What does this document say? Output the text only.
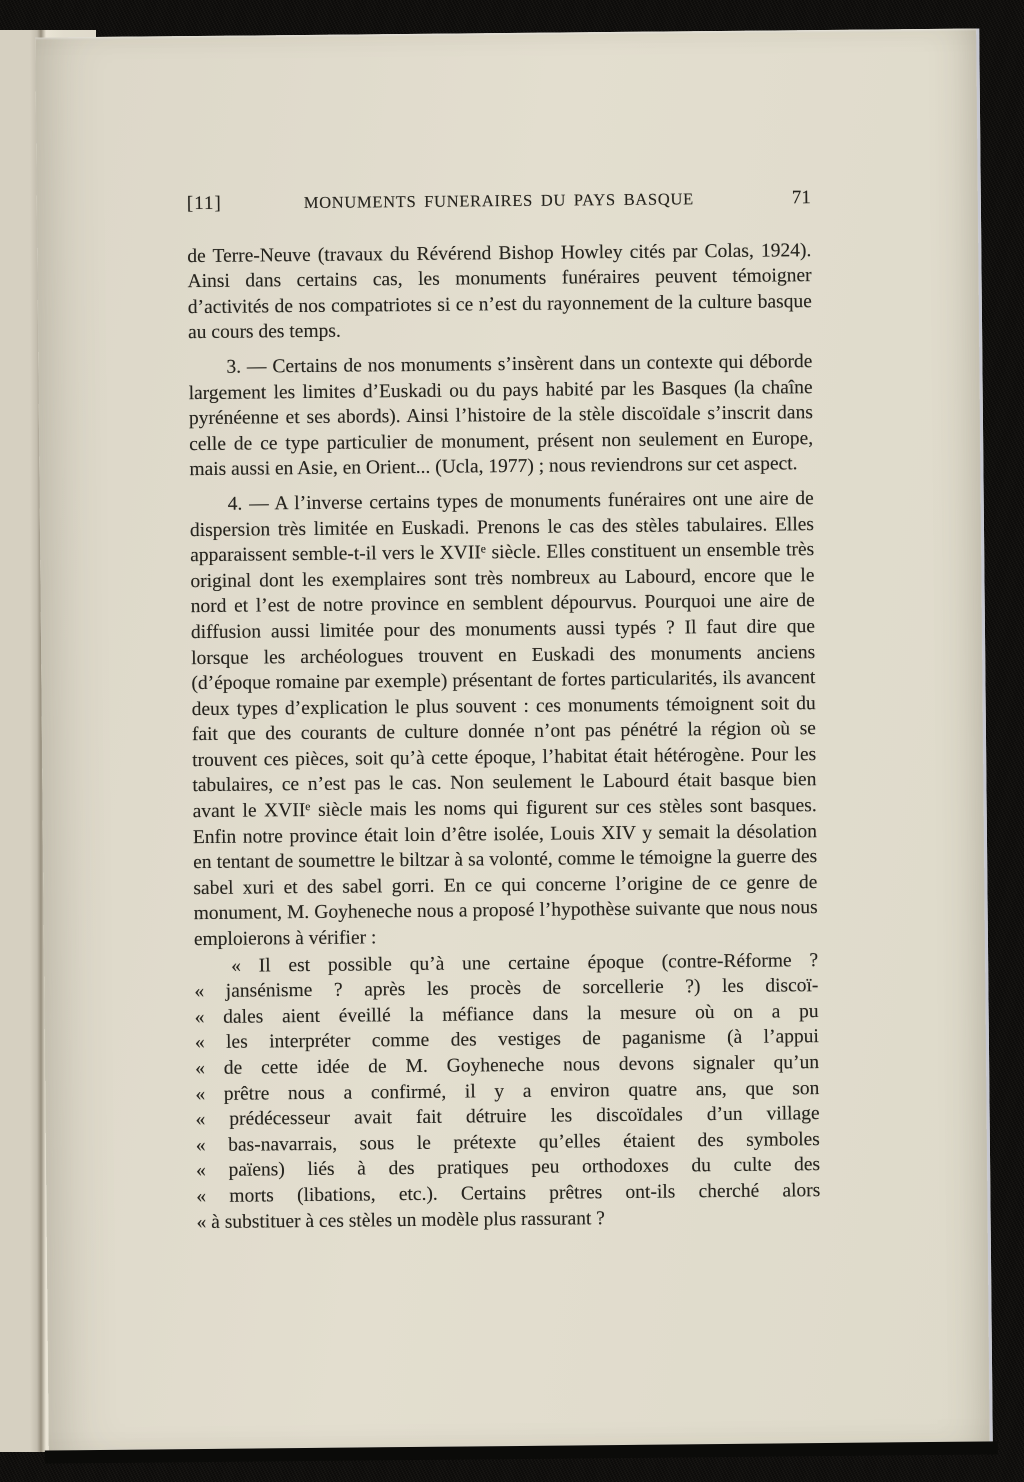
[11]	MONUMENTS FUNERAIRES DU PAYS BASQUE	71

de Terre-Neuve (travaux du Révérend Bishop Howley cités par Colas, 1924). Ainsi dans certains cas, les monuments funéraires peuvent témoigner d’activités de nos compatriotes si ce n’est du rayonnement de la culture basque au cours des temps.

3. — Certains de nos monuments s’insèrent dans un contexte qui déborde largement les limites d’Euskadi ou du pays habité par les Basques (la chaîne pyrénéenne et ses abords). Ainsi l’histoire de la stèle discoïdale s’inscrit dans celle de ce type particulier de monument, présent non seulement en Europe, mais aussi en Asie, en Orient... (Ucla, 1977) ; nous reviendrons sur cet aspect.

4. — A l’inverse certains types de monuments funéraires ont une aire de dispersion très limitée en Euskadi. Prenons le cas des stèles tabulaires. Elles apparaissent semble-t-il vers le XVIIe siècle. Elles constituent un ensemble très original dont les exemplaires sont très nombreux au Labourd, encore que le nord et l’est de notre province en semblent dépourvus. Pourquoi une aire de diffusion aussi limitée pour des monuments aussi typés ? Il faut dire que lorsque les archéologues trouvent en Euskadi des monuments anciens (d’époque romaine par exemple) présentant de fortes particularités, ils avancent deux types d’explication le plus souvent : ces monuments témoignent soit du fait que des courants de culture donnée n’ont pas pénétré la région où se trouvent ces pièces, soit qu’à cette époque, l’habitat était hétérogène. Pour les tabulaires, ce n’est pas le cas. Non seulement le Labourd était basque bien avant le XVIIe siècle mais les noms qui figurent sur ces stèles sont basques. Enfin notre province était loin d’être isolée, Louis XIV y semait la désolation en tentant de soumettre le biltzar à sa volonté, comme le témoigne la guerre des sabel xuri et des sabel gorri. En ce qui concerne l’origine de ce genre de monument, M. Goyheneche nous a proposé l’hypothèse suivante que nous nous emploierons à vérifier :

« Il est possible qu’à une certaine époque (contre-Réforme ?
« jansénisme ? après les procès de sorcellerie ?) les discoï-
« dales aient éveillé la méfiance dans la mesure où on a pu
« les interpréter comme des vestiges de paganisme (à l’appui
« de cette idée de M. Goyheneche nous devons signaler qu’un
« prêtre nous a confirmé, il y a environ quatre ans, que son
« prédécesseur avait fait détruire les discoïdales d’un village
« bas-navarrais, sous le prétexte qu’elles étaient des symboles
« païens) liés à des pratiques peu orthodoxes du culte des
« morts (libations, etc.). Certains prêtres ont-ils cherché alors
« à substituer à ces stèles un modèle plus rassurant ?
